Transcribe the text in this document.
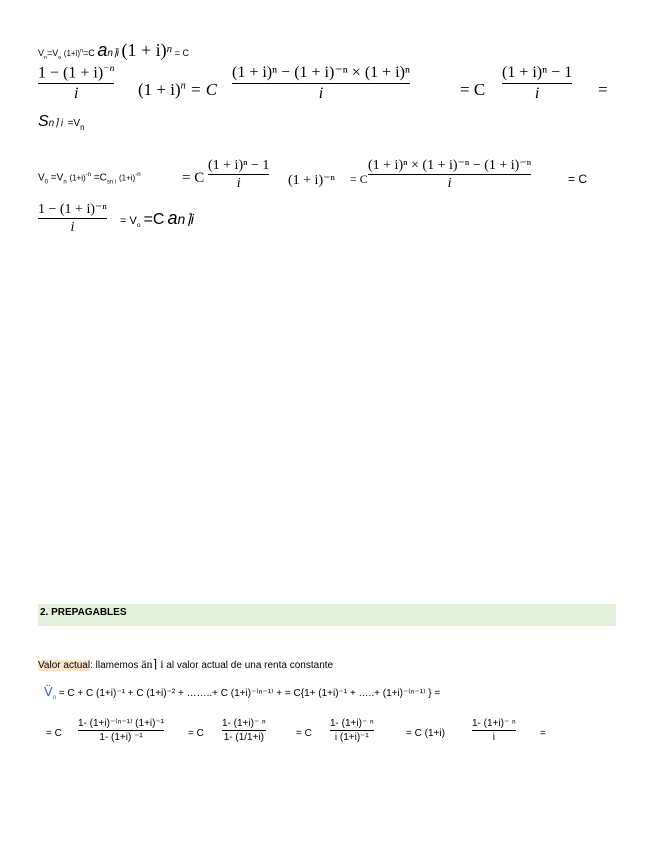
$V_n=V_o$ $(1+i)^n=C$ an⌉i $(1 + i)^n = C$
$1 - (1 + i)^{-n}$
i	$(1 + i)^n = C$
(1 + i)ⁿ − (1 + i)⁻ⁿ × (1 + i)ⁿ
i	= C
(1 + i)ⁿ − 1
i	=
Sn⌉ $i =V_n$
$V_0 =V_n$ $(1+i)^{-n} =C_{sn i}$ $(1+i)^{-n}$	= C
(1 + i)ⁿ − 1
i	(1 + i)⁻ⁿ = C
(1 + i)ⁿ × (1 + i)⁻ⁿ − (1 + i)⁻ⁿ
i	= C
1 − (1 + i)⁻ⁿ
i	= $V_o =C$ an⌉i
2. PREPAGABLES
Valor actual: llamemos än⌉ i al valor actual de una renta constante
$V̈_o = C + C$ (1+i)⁻¹ + C (1+i)⁻² + ……..+ C (1+i)⁻⁽ⁿ⁻¹⁾ + = C{1+ (1+i)⁻¹ + …..+ (1+i)⁻⁽ⁿ⁻¹⁾ } =
= C
1- (1+i)⁻⁽ⁿ⁻¹⁾ (1+i)⁻¹
1- (1+i) ⁻¹	= C
1- (1+i)⁻ ⁿ
1- (1/1+i)	= C
1- (1+i)⁻ ⁿ
i (1+i)⁻¹	= C (1+i)
1- (1+i)⁻ ⁿ
i	=
